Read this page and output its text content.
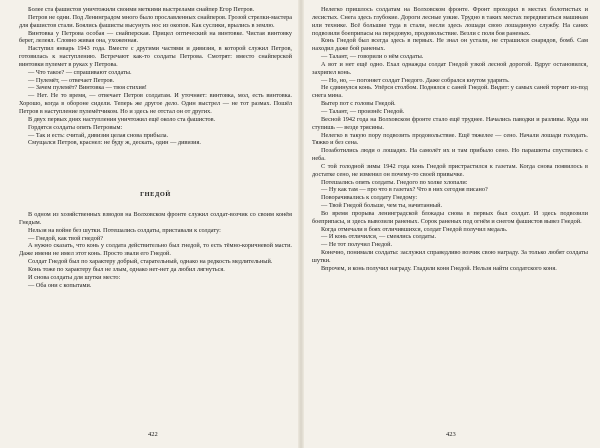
Более ста фашистов уничтожили своими меткими выстрелами снайпер Егор Петров.

Петров не одни. Под Ленинградом много было прославленных снайперов. Грозой стрелки-мастера для фашистов стали. Боялись фашисты высунуть нос из окопов. Как суслики, врылись в землю.

Винтовка у Петрова особая — снайперская. Прицел оптический на винтовке. Чистая винтовку берег, лелеял. Словно живая она, ухоженная.

Наступил январь 1943 года. Вместе с другими частями и дивизия, в которой служил Петров, готовилась к наступлению. Встречают как-то солдаты Петрова. Смотрят: вместо снайперской винтовки пулемет в руках у Петрова.

— Что такое? — спрашивают солдаты.

— Пулемёт, — отвечает Петров.

— Зачем пулемёт? Винтовка — твоя стихия!

— Нет. Не то время, — отвечает Петров солдатам. И уточняет: винтовка, мол, есть винтовка. Хорошо, когда в обороне сидели. Теперь же другое дело. Один выстрел — не тот размах. Пошёл Петров в наступление пулемётчиком. Но и здесь не отстал он от других.

В двух первых днях наступления уничтожил ещё около ста фашистов.

Гордятся солдаты опять Петровым:

— Так и есть: считай, дивизия целая снова прибыла.

Смущался Петров, краснел: не буду ж, дескать, один — дивизия.

ГНЕДОЙ

В одном из хозяйственных взводов на Волховском фронте служил солдат-возчик со своим конём Гнедым.

Нельзя на войне без шутки. Потешались солдаты, приставали к солдату:

— Гнедой, как твой гнедой?

А нужно сказать, что конь у солдата действительно был гнедой, то есть тёмно-коричневой масти. Даже имени не имел этот конь. Просто звали его Гнедой.

Солдат Гнедой был по характеру добрый, старательный, однако на редкость медлительный.

Конь тоже по характеру был не злым, однако нет-нет да любил лягнуться.

И снова солдаты для шутки место:

— Оба они с копытами.

Нелегко пришлось солдатам на Волховском фронте. Фронт проходил в местах болотистых и лесистых. Снега здесь глубокие. Дороги лесные узкие. Трудно в таких местах передвигаться машинам или технике. Всё большие туда в стали, несли здесь лошади свою лошадиную службу. На санях подвозили боеприпасы на передовую, продовольствие. Везли с поля боя раненых.

Конь Гнедой был всегда здесь в первых. Не знал он устали, не страшился снарядов, бомб. Сам находил даже бой раненых.

— Талант, — говорили о нём солдаты.

А вот и нет ещё одно. Ехал однажды солдат Гнедой узкой лесной дорогой. Вдруг остановился, захрипел конь.

— Но, но, — погоняет солдат Гнедого. Даже собрался кнутом ударить.

Не сдвинулся конь. Упёрся столбом. Поднялся с саней Гнедой. Видит: у самых саней торчит из-под снега мина.

Вытер пот с головы Гнедой.

— Талант, — произнёс Гнедой.

Весной 1942 года на Волховском фронте стало ещё труднее. Начались паводки и разливы. Куда ни ступишь — везде трясины.

Нелегко в такую пору подвозить продовольствие. Ещё тяжелее — сено. Начали лошади голодать. Тяжко и без сена.

Позаботились люди о лошадях. На самолёт их и там прибыло сено. Но парашюты спустились с неба.

С той голодной зимы 1942 года конь Гнедой пристрастился к газетам. Когда снова появилось в достатке сено, не изменил он почему-то своей привычке.

Потешались опять солдаты. Гнедого по холке хлопали:

— Ну как там — про что в газетах? Что в них сегодня писано?

Поворачивались к солдату Гнедому:

— Твой Гнедой больше, чем ты, начитанный.

Во время прорыва ленинградской блокады снова в первых был солдат. И здесь подвозили боеприпасы, и здесь вывозили раненых. Сорок раненых под огнём и снегом фашистов вывез Гнедой.

Когда отмечали в боях отличившихся, солдат Гнедой получил медаль.

— И конь отличился, — смеялись солдаты.

— Не тот получил Гнедой.

Конечно, понимали солдаты: заслужил справедливо возчик свою награду. За только любят солдаты шутки.

Впрочем, и конь получил награду. Гладили коня Гнедой. Нельзя найти солдатского коня.

422	423
